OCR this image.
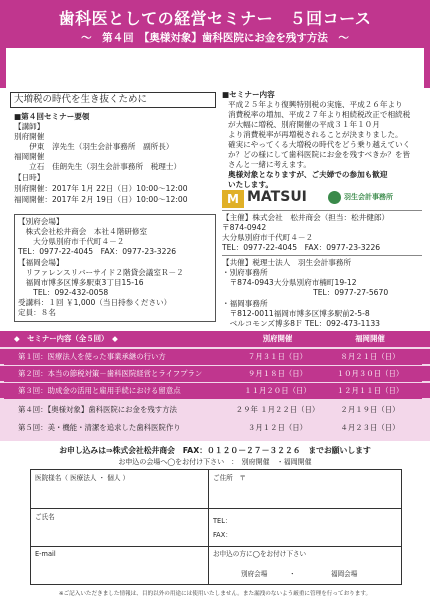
歯科医としての経営セミナー　５回コース
～　第４回　【奥様対象】歯科医院にお金を残す方法　～
大増税の時代を生き抜くために
■第４回セミナー要領
【講師】
別府開催
　　伊東　淳先生（羽生会計事務所　副所長）
福岡開催
　　立石　佳朗先生（羽生会計事務所　税理士）
【日時】
別府開催：2017年 1月 22日（日）10:00～12:00
福岡開催：2017年 2月 19日（日）10:00～12:00
【別府会場】
　株式会社松井商会　本社４階研修室
　　大分県別府市千代町４－２
TEL：0977-22-4045　FAX：0977-23-3226
【福岡会場】
　リファレンスリバーサイド２階貸会議室Ｒ－２
　福岡市博多区博多駅東3丁目15-16
　　TEL：092-432-0058
受講料：１回 ￥1,000（当日持参ください）
定員：８名
■セミナー内容
平成２５年より復興特別税の実施、平成２６年より
消費税率の増加、平成２７年より相続税改正で相続税
が大幅に増税、別府開催の平成３１年１０月
より消費税率が再増税されることが決まりました。
確実にやってくる大増税の時代をどう乗り越えていく
か？どの様にして歯科医院にお金を残すべきか？を皆
さんと一緒に考えます。
奥様対象となりますが、ご夫婦での参加も歓迎
いたします。
M MATSUI	羽生会計事務所
【主催】株式会社　松井商会（担当：松井健郎）
〒874-0942
大分県別府市千代町４－２
TEL：0977-22-4045　FAX：0977-23-3226
【共催】税理士法人　羽生会計事務所
・別府事務所
　〒874-0943大分県別府市楠町19-12
　　　　　　　　　　　　TEL：0977-27-5670
・福岡事務所
　〒812-0011福岡市博多区博多駅前2-5-8
　ベルコモンズ博多8Ｆ TEL：092-473-1133
◆　セミナー内容（全５回）　◆	別府開催	福岡開催
第１回：医療法人を使った事業承継の行い方	７月３１日（日）	８月２１日（日）
第２回：本当の節税対策－歯科医院経営とライフプラン	９月１８日（日）	１０月３０日（日）
第３回：助成金の活用と雇用手続における留意点	１１月２０日（日）	１２月１１日（日）
第４回：【奥様対象】歯科医院にお金を残す方法	２９年 １月２２日（日）	２月１９日（日）
第５回：美・機能・清潔を追求した歯科医院作り	３月１２日（日）	４月２３日（日）
お申し込みは⇒株式会社松井商会　FAX：０１２０－２７－３２２６　までお願いします
お申込の会場へ◯をお付け下さい　：　別府開催　・福岡開催
医院様名（ 医療法人 ・ 個人 ）	ご住所　〒
ご氏名	TEL：
FAX：
E-mail	お申込の方に◯をお付け下さい
別府会場	・	福岡会場
※ご記入いただきました情報は、目的以外の用途には使用いたしません。また漏洩のないよう厳重に管理を行っております。
